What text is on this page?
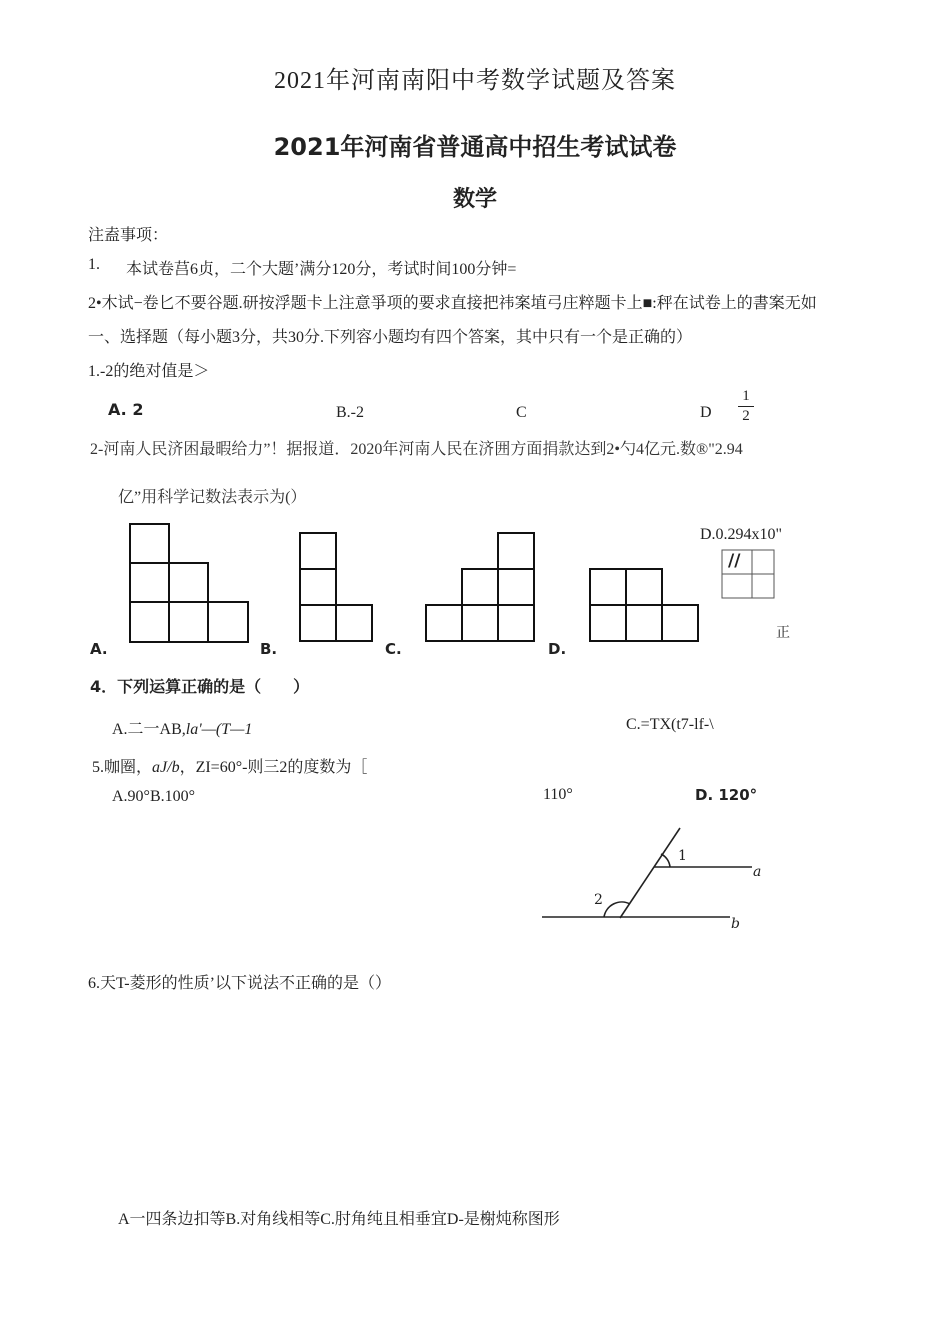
2021年河南南阳中考数学试题及答案
2021年河南省普通高中招生考试试卷
数学
注盍事项：
1. 本试卷莒6贞，二个大题’满分120分，考试时间100分钟=
2•木试−卷匕不要谷题.研按浮题卡上注意爭项的要求直接把祎案埴弓庄粹题卡上■:秤在试卷上的書案无如
一、选择题（每小题3分，共30分.下列容小题均有四个答案，其中只有一个是正确的）
1.-2的绝对值是＞
A. 2	B.-2	C	D
1
2
2-河南人民济困最暇给力”！据报道．2020年河南人民在济囲方面捐款达到2•勺4亿元.数®"2.94
亿”用科学记数法表示为(）
D.0.294x10"
//
正
A.	B.	C.	D.
4．下列运算正确的是（　　）
A.二一AB,la'—(T—1	C.=TX(t7-lf-\
5.咖圈，aJ/b，ZI=60°-则三2的度数为［
A.90°B.100°	110°	D. 120°
1
2
a
b
6.天T-菱形的性质’以下说法不正确的是（）
A一四条边扣等B.对角线相等C.肘角纯且相垂宜D-是榭炖称图形
